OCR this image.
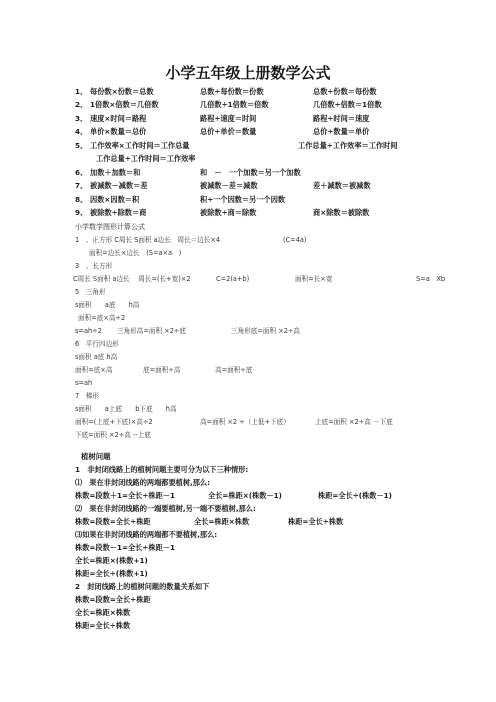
小学五年级上册数学公式
1、 每份数×份数＝总数	总数÷每份数＝份数	总数÷份数＝每份数
2、 1倍数×倍数＝几倍数	几倍数÷1倍数＝倍数	几倍数÷倍数＝1倍数
3、 速度×时间＝路程	路程÷速度＝时间	路程÷时间＝速度
4、 单价×数量＝总价	总价÷单价＝数量	总价÷数量＝单价
5、 工作效率×工作时间＝工作总量	工作总量÷工作效率＝工作时间
工作总量÷工作时间＝工作效率
6、 加数＋加数＝和	和　－　一个加数＝另一个加数
7、 被减数－减数＝差	被减数－差＝减数	差＋减数＝被减数
8、 因数×因数＝积	积÷一个因数＝另一个因数
9、 被除数÷除数＝商	被除数÷商＝除数	商×除数＝被除数
小学数学图形计算公式
1　、正方形 C周长 S面积 a边长　周长＝边长×4	(C=4a)
面积=边长×边长　(S=a×a　)
3　、长方形
C周长 S面积 a边长　 周长=(长+宽)×2	C=2(a+b)	面积=长×宽	S=a　Xb
5　三角形
s面积　　a底　　h高
面积=底×高÷2
s=ah÷2 三角形高=面积 ×2÷底	三角形底=面积 ×2÷高
6　平行四边形
s面积 a底 h高
面积=底×高	底=面积÷高	高=面积÷底
s=ah
7　梯形
s面积　　a上底　　b下底　　h高
面积=(上底+下底)×高÷2	高=面积 ×2 ÷（上低+下底）	上底=面积 ×2÷高 －下底
下底=面积 ×2÷高 --上底
植树问题
1　非封闭线路上的植树问题主要可分为以下三种情形:
⑴　果在非封闭线路的两端都要植树,那么:
株数=段数＋1=全长÷株距－1	全长=株距×(株数－1)	株距=全长÷(株数－1)
⑵　果在非封闭线路的一端要植树,另一端不要植树,那么:
株数=段数=全长÷株距	全长=株距×株数	株距=全长÷株数
⑶如果在非封闭线路的两端都不要植树,那么:
株数=段数－1=全长÷株距－1
全长=株距×(株数+1)
株距=全长÷(株数+1)
2　封闭线路上的植树问题的数量关系如下
株数=段数=全长÷株距
全长=株距×株数
株距=全长÷株数
